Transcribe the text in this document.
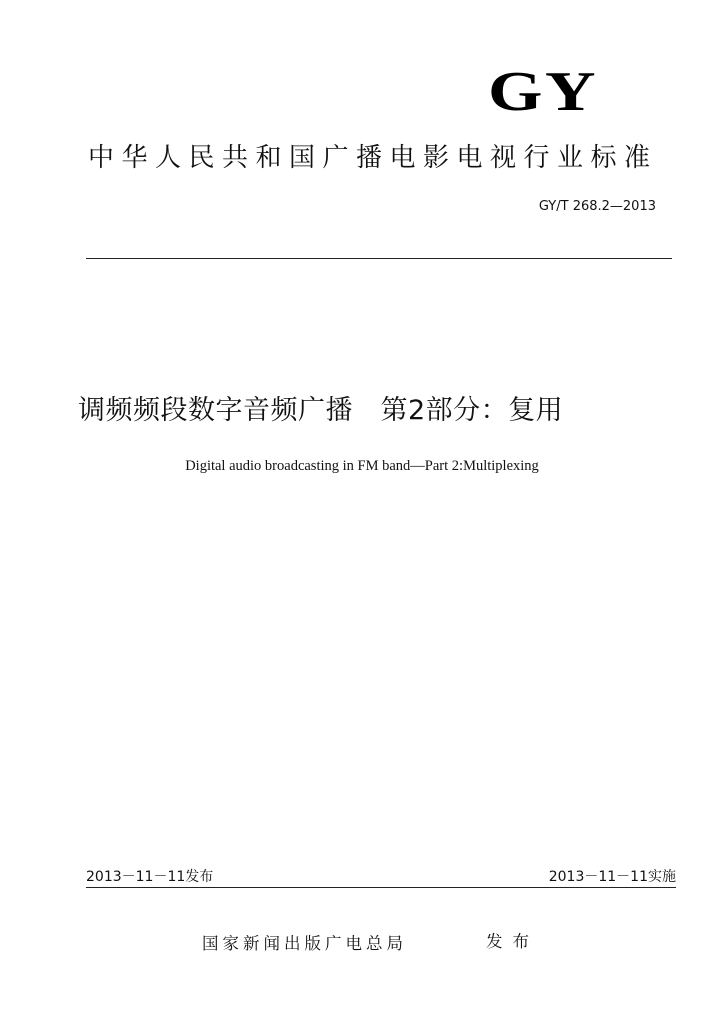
GY
中华人民共和国广播电影电视行业标准
GY/T 268.2—2013
调频频段数字音频广播　第2部分：复用
Digital audio broadcasting in FM band—Part 2:Multiplexing
2013－11－11发布	2013－11－11实施
国家新闻出版广电总局	发布
